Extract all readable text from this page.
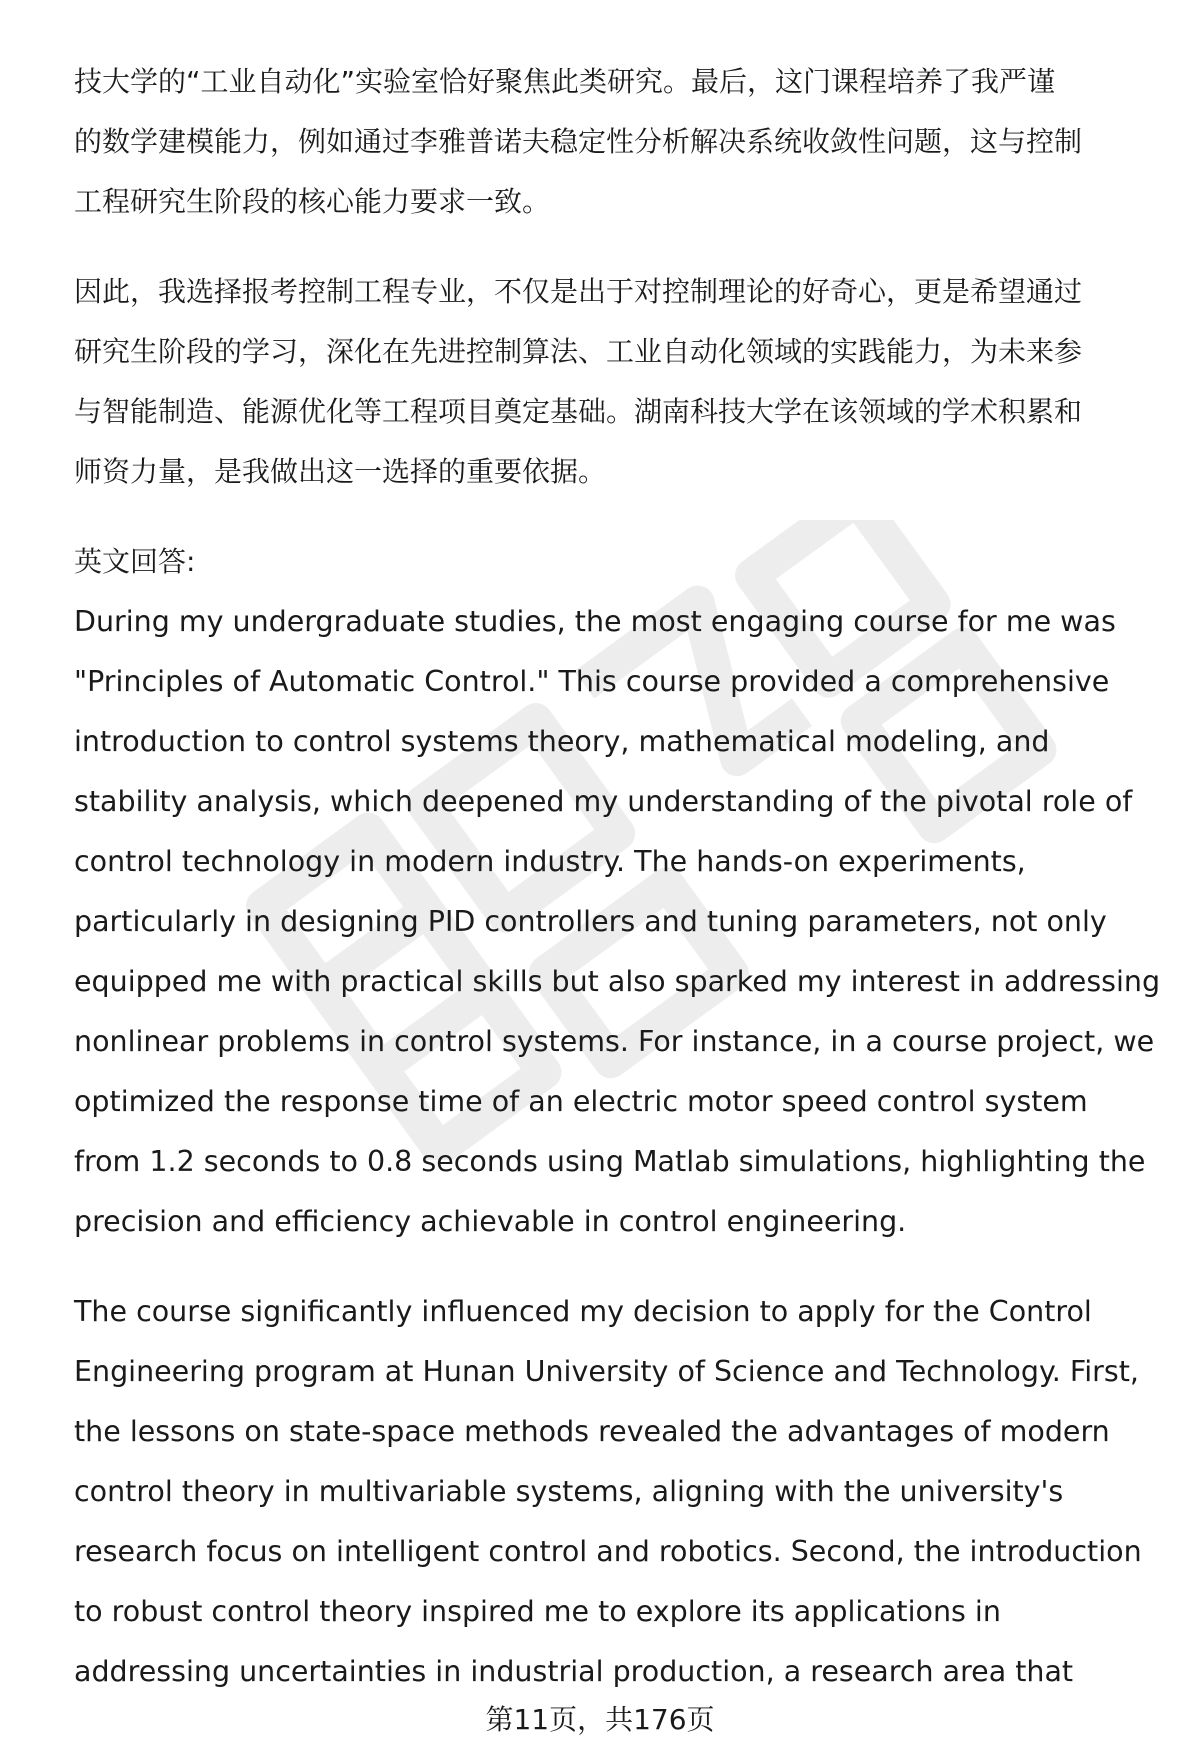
技大学的“工业自动化”实验室恰好聚焦此类研究。最后，这门课程培养了我严谨
的数学建模能力，例如通过李雅普诺夫稳定性分析解决系统收敛性问题，这与控制
工程研究生阶段的核心能力要求一致。
因此，我选择报考控制工程专业，不仅是出于对控制理论的好奇心，更是希望通过
研究生阶段的学习，深化在先进控制算法、工业自动化领域的实践能力，为未来参
与智能制造、能源优化等工程项目奠定基础。湖南科技大学在该领域的学术积累和
师资力量，是我做出这一选择的重要依据。
英文回答:
During my undergraduate studies, the most engaging course for me was
"Principles of Automatic Control." This course provided a comprehensive
introduction to control systems theory, mathematical modeling, and
stability analysis, which deepened my understanding of the pivotal role of
control technology in modern industry. The hands-on experiments,
particularly in designing PID controllers and tuning parameters, not only
equipped me with practical skills but also sparked my interest in addressing
nonlinear problems in control systems. For instance, in a course project, we
optimized the response time of an electric motor speed control system
from 1.2 seconds to 0.8 seconds using Matlab simulations, highlighting the
precision and efficiency achievable in control engineering.
The course significantly influenced my decision to apply for the Control
Engineering program at Hunan University of Science and Technology. First,
the lessons on state-space methods revealed the advantages of modern
control theory in multivariable systems, aligning with the university's
research focus on intelligent control and robotics. Second, the introduction
to robust control theory inspired me to explore its applications in
addressing uncertainties in industrial production, a research area that
第11页，共176页
